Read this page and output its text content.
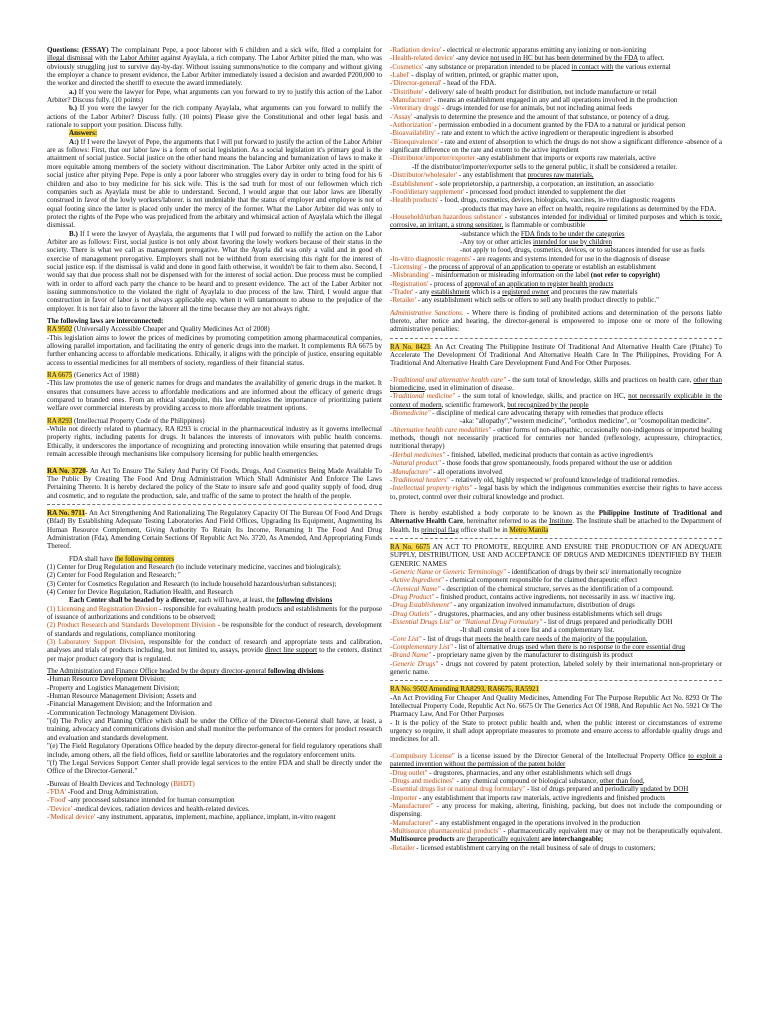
Questions: (ESSAY) The complainant Pepe, a poor laborer with 6 children and a sick wife, filed a complaint for illegal dismissal with the Labor Arbiter against Ayaylala, a rich company. The Labor Arbiter pitied the man, who was obviously struggling just to survive day-by-day. Without issuing summons/notice to the company and without giving the employer a chance to present evidence, the Labor Arbiter immediately issued a decision and awarded P200,000 to the worker and directed the sheriff to execute the award immediately.

a.) If you were the lawyer for Pepe, what arguments can you forward to try to justify this action of the Labor Arbiter? Discuss fully. (10 points)

b.) If you were the lawyer for the rich company Ayaylala, what arguments can you forward to nullify the actions of the Labor Arbiter? Discuss fully. (10 points) Please give the Constitutional and other legal basis and rationale to support your position. Discuss fully.

Answers:

A:) If I were the lawyer of Pepe, the arguments that I will put forward to justify the action of the Labor Arbiter are as follows: First, that our labor law is a form of social legislation. As a social legislation it's primary goal is the attainment of social justice. Social justice on the other hand means the balancing and humanization of laws to make it more equitable among members of the society without discrimination. The Labor Arbiter only acted in the spirit of social justice after pitying Pepe. Pepe is only a poor laborer who struggles every day in order to bring food for his 6 children and also to buy medicine for his sick wife. This is the sad truth for most of our fellowmen which rich companies such as Ayaylala must be able to understand. Second, I would argue that our labor laws are liberally construed in favor of the lowly workers/laborer. is not undeniable that the status of employer and employee is not of equal footing since the latter is placed only under the mercy of the former. What the Labor Arbiter did was only to protect the rights of the Pepe who was prejudiced from the arbitary and whimsical action of Ayaylala which the illegal dismissal.

B.) If I were the lawyer of Ayaylala, the arguments that I will pud forward to nullify the action on the Labor Arbiter are as follows: First, social justice is not only about favoring the lowly workers because of their status in the society. There is what we call as management prerogative. What the Ayayla did was only a valid and in good eh exercise of management prerogative. Employers shall not be withheld from exercising this right for the interest of social justice esp. if the dismissal is valid and done in good faith otherwise, it wouldn't be fair to them also. Second, I would say that due process shall not be dispensed with for the interest of social action. Due process must be complied with in order to afford each party the chance to be heard and to present evidence. The act of the Laber Arbiter not issuing summons/notice to the violated the right of Ayaylala to due process of the law. Third, I would argue that construction in favor of labor is not always applicable esp. when it will tantamount to abuse to the prejudice of the employer. It is not fair also to favor the laborer all the time because they are not always right.

The following laws are interconnected:

RA 9502 (Universally Accessible Cheaper and Quality Medicines Act of 2008)

-This legislation aims to lower the prices of medicines by promoting competition among pharmaceutical companies, allowing parallel importation, and facilitating the entry of generic drugs into the market. It complements RA 6675 by further enhancing access to affordable medications. Ethically, it aligns with the principle of justice, ensuring equitable access to essential medicines for all members of society, regardless of their financial status.

RA 6675 (Generics Act of 1988)

-This law promotes the use of generic names for drugs and mandates the availability of generic drugs in the market. It ensures that consumers have access to affordable medications and are informed about the efficacy of generic drugs compared to branded ones. From an ethical standpoint, this law emphasizes the importance of prioritizing patient welfare over commercial interests by providing access to more affordable treatment options.

RA 8293 (Intellectual Property Code of the Philippines)

-While not directly related to pharmacy, RA 8293 is crucial in the pharmaceutical industry as it governs intellectual property rights, including patents for drugs. It balances the interests of innovators with public health concerns. Ethically, it underscores the importance of recognizing and protecting innovation while ensuring that patented drugs remain accessible through mechanisms like compulsory licensing for public health emergencies.

RA No. 3720- An Act To Ensure The Safety And Purity Of Foods, Drugs, And Cosmetics Being Made Available To The Public By Creating The Food And Drug Administration Which Shall Administer And Enforce The Laws Pertaining Thereto. It is hereby declared the policy of the State to insure safe and good quality supply of food, drug and cosmetic, and to regulate the production, sale, and traffic of the same to protect the health of the people.

RA No. 9711- An Act Strengthening And Rationalizing The Regulatory Capacity Of The Bureau Of Food And Drugs (Bfad) By Establishing Adequate Testing Laboratories And Field Offices, Upgrading Its Equipment, Augmenting Its Human Resource Complement, Giving Authority To Retain Its Income, Renaming It The Food And Drug Administration (Fda), Amending Certain Sections Of Republic Act No. 3720, As Amended, And Appropriating Funds Thereof.

FDA shall have the following centers

(1) Center for Drug Regulation and Research (to include veterinary medicine, vaccines and biologicals);

(2) Center for Food Regulation and Research; "

(3) Center for Cosmetics Regulation and Research (to include household hazardous/urban substances);

(4) Center for Device Regulation, Radiation Health, and Research

Each Center shall be headed by a director, each will have, at least, the following divisions

(1) Licensing and Registration Divsion - responsible for evaluating health products and establishments for the purpose of issuance of authorizations and conditions to be observed;

(2) Product Research and Standards Development Division - be responsible for the conduct of research, development of standards and regulations, compliance monitoring

(3) Laboratory Support Division, responsible for the conduct of research and appropriate tests and calibration, analyses and trials of products including, but not limited to, assays, provide direct line support to the centers, distinct per major product category that is regulated.

The Administration and Finance Office headed by the deputy director-general following divisions

-Human Resource Development Division;

-Property and Logistics Management Division;

-Human Resource Management Division; Assets and

-Financial Management Division; and the Information and

-Communication Technology Management Division.

"(d) The Policy and Planning Office which shall be under the Office of the Director-General shall have, at least, a training, advocacy and communications division and shall monitor the performance of the centers for product research and evaluation and standards development.

"(e) The Field Regulatory Operations Office headed by the deputy director-general for field regulatory operations shall include, among others, all the field offices, field or satellite laboratories and the regulatory enforcement units.

"(f) The Legal Services Support Center shall provide legal services to the entire FDA and shall be directly under the Office of the Director-General."

-Bureau of Health Devices and Technology (BHDT)

-'FDA' -Food and Drug Administration.

-'Food' -any processed substance intended for human consumption

-'Device' -medical devices, radiation devices and health-related devices.

-'Medical device' -any instrument, apparatus, implement, machine, appliance, implant, in-vitro reagent

-Radiation device' - electrical or electronic apparatus emitting any ionizing or non-ionizing

-Health-related device' -any device not used in HC but has been determined by the FDA to affect.

-Cosmetics' -any substance or preparation intended to be placed in contact with the various external

-Label' - display of written, printed, or graphic matter upon,

-'Director-general' - head of the FDA.

-'Distribute' - delivery/ sale of health product for distribution, not include manufacture or retail

-Manufacturer' - means an establishment engaged in any and all operations involved in the production

-Veterinary drugs' - drugs intended for use for animals, but not including animal feeds

-'Assay' -analysis to determine the presence and the amount of that substance, or potency of a drug.

-Authorization' - permission embodied in a document granted by the FDA to a natural or juridical person

-Bioavailability' - rate and extent to which the active ingredient or therapeutic ingredient is absorbed

-'Bioequivalence' - rate and extent of absorption to which the drugs do not show a significant difference -absence of a significant difference on the rate and extent to the active ingredient

-Distributor/importer/exporter -any establishment that imports or exports raw materials, active

-If the distributor/importer/exporter sells to the general public, it shall be considered a retailer.

-Distributor/wholesaler' - any establishment that procures raw materials,

-Establishment' - sole proprietorship, a partnership, a corporation, an institution, an associatio

-Food/dietary supplement' - processed food product intended to supplement the diet

-Health products' - food, drugs, cosmetics, devices, biologicals, vaccines, in-vitro diagnostic reagents

-products that may have an effect on health, require regulations as determined by the FDA.

-Household/urban hazardous substance' - substances intended for individual or limited purposes and which is toxic, corrosive, an irritant, a strong sensitizer, is flammable or combustible

-substance which the FDA finds to be under the categories

-Any toy or other articles intended for use by children

-not apply to food, drugs, cosmetics, devices, or to substances intended for use as fuels

-In-vitro diagnostic reagents' - are reagents and systems intended for use in the diagnosis of disease

-'Licensing' - the process of approval of an application to operate or establish an establishment

-Misbranding' - misinformation or misleading information on the label (not refer to copyright)

-Registration' - process of approval of an application to register health products

-'Trader' - any establishment which is a registered owner and procures the raw materials

-Retailer' - any establishment which sells or offers to sell any health product directly to public."

Administrative Sanctions. - Where there is finding of prohibited actions and determination of the persons liable thereto, after notice and hearing, the director-general is empowered to impose one or more of the following administrative penalties:

RA No. 8423: An Act Creating The Philippine Institute Of Traditional And Alternative Health Care (Pitahc) To Accelerate The Development Of Traditional And Alternative Health Care In The Philippines, Providing For A Traditional And Alternative Health Care Development Fund And For Other Purposes.

-Traditional and alternative health care" - the sum total of knowledge, skills and practices on health care, other than biomedicine, used in elimination of disease.

-Traditional medicine" - the sum total of knowledge, skills, and practice on HC, not necessarily explicable in the context of modern, scientific framework, but recognized by the people

-Biomedicine" - discipline of medical care advocating therapy with remedies that produce effects

-aka: "allopathy","western medicine", "orthodox medicine", or "cosmopolitan medicine".

-Alternative health care modalities" - other forms of non-allopathic, occasionally non-indigenous or imported healing methods, though not necessarily practiced for centuries nor handed (reflexology, acupressure, chiropractics, nutritional therapy)

-Herbal medicines" - finished, labelled, medicinal products that contain as active ingredient/s

-Natural product" - those foods that grow spontaneously, foods prepared without the use or addition

-Manufacture" - all operations involved

-Traditional healers" - relatively old, highly respected w/ profound knowledge of traditional remedies.

-Intellectual property rights" - legal basis by which the indigenous communities exercise their rights to have access to, protect, control over their cultural knowledge and product.

There is hereby established a body corporate to be known as the Philippine Institute of Traditional and Alternative Health Care, hereinafter referred to as the Institute. The Institute shall be attached to the Department of Health. Its principal flag office shall be in Metro Manila

RA No. 6675 AN ACT TO PROMOTE, REQUIRE AND ENSURE THE PRODUCTION OF AN ADEQUATE SUPPLY, DISTRIBUTION, USE AND ACCEPTANCE OF DRUGS AND MEDICINES IDENTIFIED BY THEIR GENERIC NAMES

-Generic Name or Generic Terminology" - identification of drugs by their sci/ internationally recognize

-Active Ingredient" - chemical component responsible for the claimed therapeutic effect

-Chemical Name" - description of the chemical structure, serves as the identification of a compound.

-Drug Product" - finished product, contains active ingredients, not necessarily in ass. w/ inactive ing.

-Drug Establishment" - any organization involved inmanufacture, distribution of drugs

-Drug Outlets" - drugstores, pharmacies, and any other business establishments which sell drugs

-Essential Drugs List" or "National Drug Formulary" - list of drugs prepared and periodically DOH

-It shall consist of a core list and a complementary list.

-Core List" - list of drugs that meets the health care needs of the majority of the population.

-Complementary List" - list of alternative drugs used when there is no response to the core essential drug

-Brand Name" - proprietary name given by the manufacturer to distinguish its product

-Generic Drugs" - drugs not covered by patent protection, labeled solely by their international non-proprietary or generic name.

RA No. 9502 Amending RA8293, RA6675, RA5921

-An Act Providing For Cheaper And Quality Medicines, Amending For The Purpose Republic Act No. 8293 Or The Intellectual Property Code, Republic Act No. 6675 Or The Generics Act Of 1988, And Republic Act No. 5921 Or The Pharmacy Law, And For Other Purposes

- It is the policy of the State to protect public health and, when the public interest or circumstances of extreme urgency so require, it shall adopt appropriate measures to promote and ensure access to affordable quality drugs and medicines for all.

-Compulsory License" is a license issued by the Director General of the Intellectual Property Office to exploit a patented invention without the permission of the patent holder

-Drug outlet" - drugstores, pharmacies, and any other establishments which sell drugs

-Drugs and medicines" - any chemical compound or biological substance, other than food,

-Essential drugs list or national drug formulary" - list of drugs prepared and periodically updated by DOH

-Importer - any establishment that imports raw materials, active ingredients and finished products

-Manufacturer" - any process for making, altering, finishing, packing, but does not include the compounding or dispensing.

-Manufacturer" - any establishment engaged in the operations involved in the production

-Multisource pharmaceutical products" - pharmaceutically equivalent may or may not be therapeutically equivalent. Multisource products are therapeutically equivalent are interchangeable;

-Retailer - licensed establishment carrying on the retail business of sale of drugs to customers;
